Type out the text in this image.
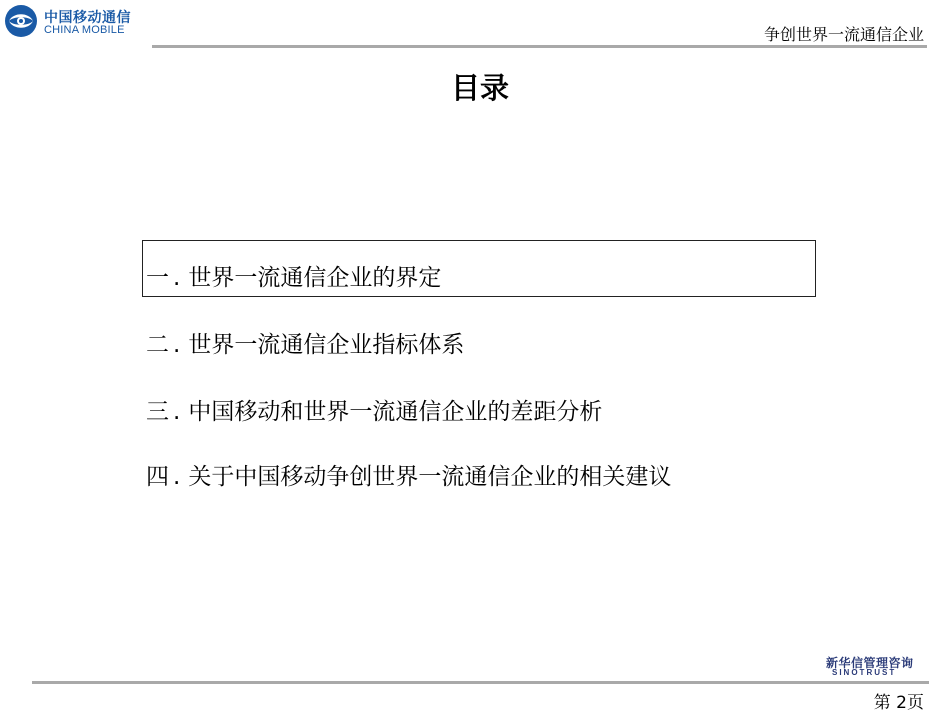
中国移动通信
CHINA MOBILE	争创世界一流通信企业
目录
一 . 世界一流通信企业的界定
二 . 世界一流通信企业指标体系
三 . 中国移动和世界一流通信企业的差距分析
四 . 关于中国移动争创世界一流通信企业的相关建议
新华信管理咨询
SINOTRUST
第 2页
